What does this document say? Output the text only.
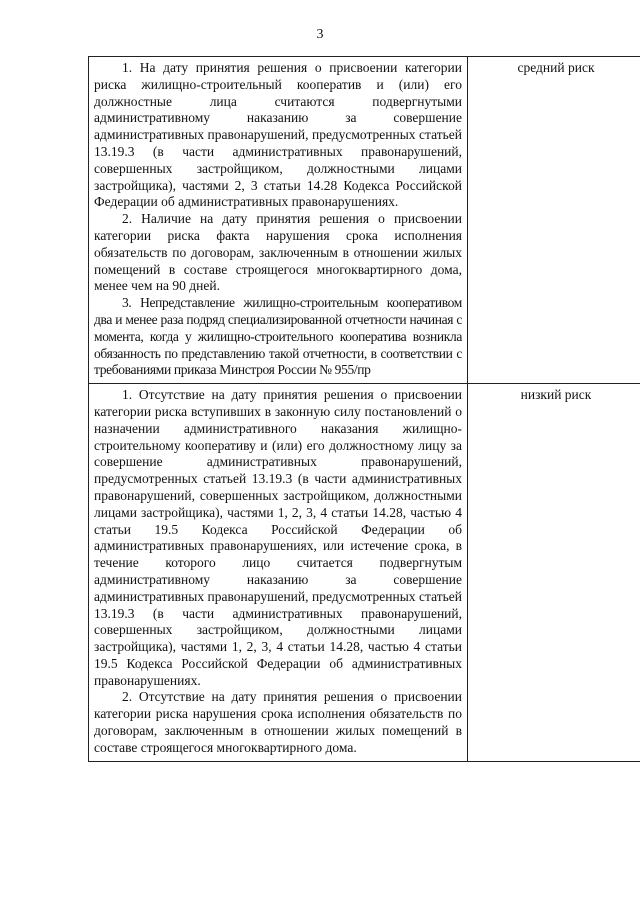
3

1. На дату принятия решения о присвоении категории риска жилищно-строительный кооператив и (или) его должностные лица считаются подвергнутыми административному наказанию за совершение административных правонарушений, предусмотренных статьей 13.19.3 (в части административных правонарушений, совершенных застройщиком, должностными лицами застройщика), частями 2, 3 статьи 14.28 Кодекса Российской Федерации об административных правонарушениях.

2. Наличие на дату принятия решения о присвоении категории риска факта нарушения срока исполнения обязательств по договорам, заключенным в отношении жилых помещений в составе строящегося многоквартирного дома, менее чем на 90 дней.

3. Непредставление жилищно-строительным кооперативом два и менее раза подряд специализированной отчетности начиная с момента, когда у жилищно-строительного кооператива возникла обязанность по представлению такой отчетности, в соответствии с требованиями приказа Минстроя России № 955/пр	средний риск

1. Отсутствие на дату принятия решения о присвоении категории риска вступивших в законную силу постановлений о назначении административного наказания жилищно-строительному кооперативу и (или) его должностному лицу за совершение административных правонарушений, предусмотренных статьей 13.19.3 (в части административных правонарушений, совершенных застройщиком, должностными лицами застройщика), частями 1, 2, 3, 4 статьи 14.28, частью 4 статьи 19.5 Кодекса Российской Федерации об административных правонарушениях, или истечение срока, в течение которого лицо считается подвергнутым административному наказанию за совершение административных правонарушений, предусмотренных статьей 13.19.3 (в части административных правонарушений, совершенных застройщиком, должностными лицами застройщика), частями 1, 2, 3, 4 статьи 14.28, частью 4 статьи 19.5 Кодекса Российской Федерации об административных правонарушениях.

2. Отсутствие на дату принятия решения о присвоении категории риска нарушения срока исполнения обязательств по договорам, заключенным в отношении жилых помещений в составе строящегося многоквартирного дома.	низкий риск
